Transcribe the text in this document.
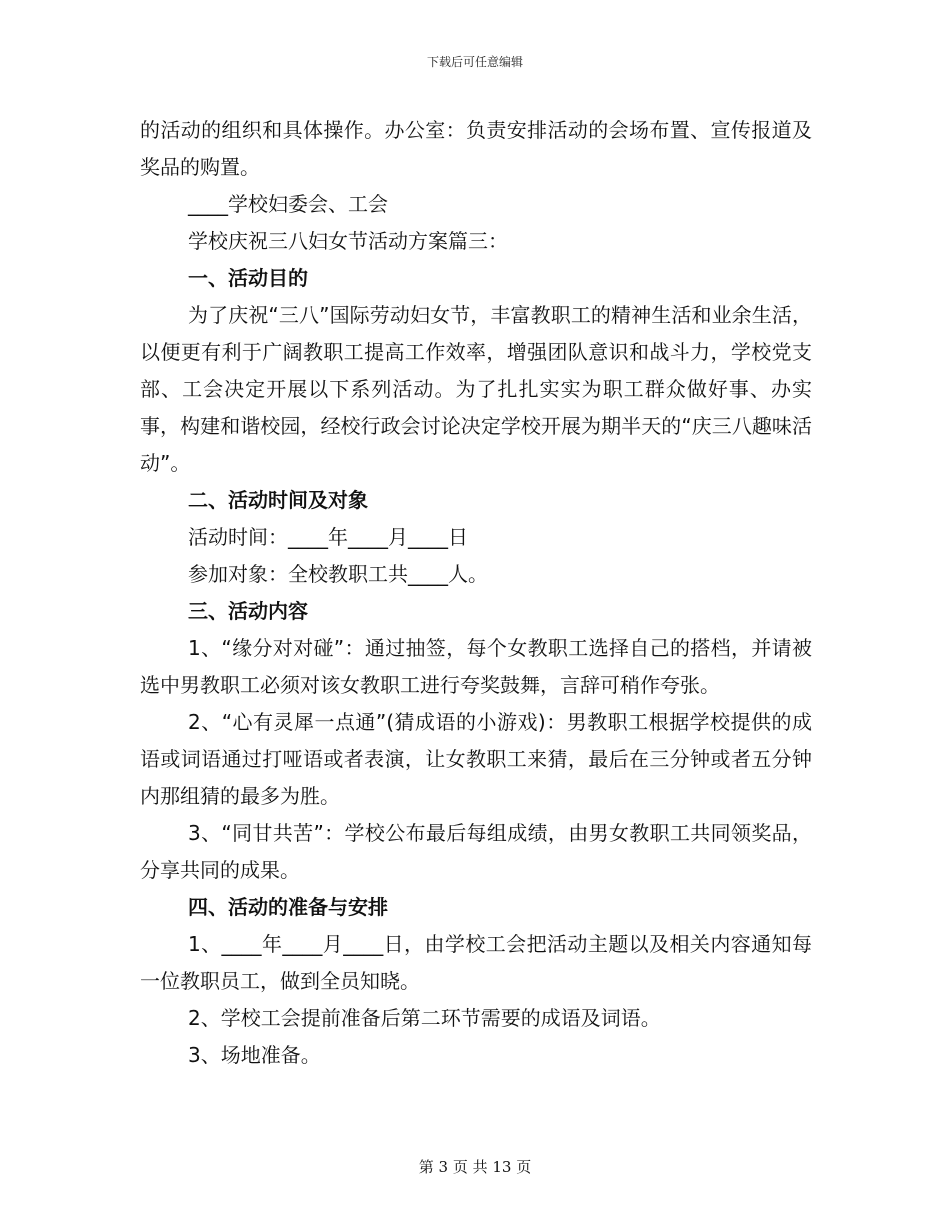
下载后可任意编辑

的活动的组织和具体操作。办公室：负责安排活动的会场布置、宣传报道及奖品的购置。

____学校妇委会、工会

学校庆祝三八妇女节活动方案篇三：

一、活动目的

为了庆祝“三八”国际劳动妇女节，丰富教职工的精神生活和业余生活，以便更有利于广阔教职工提高工作效率，增强团队意识和战斗力，学校党支部、工会决定开展以下系列活动。为了扎扎实实为职工群众做好事、办实事，构建和谐校园，经校行政会讨论决定学校开展为期半天的“庆三八趣味活动”。

二、活动时间及对象

活动时间：____年____月____日

参加对象：全校教职工共____人。

三、活动内容

1、“缘分对对碰”：通过抽签，每个女教职工选择自己的搭档，并请被选中男教职工必须对该女教职工进行夸奖鼓舞，言辞可稍作夸张。

2、“心有灵犀一点通”(猜成语的小游戏)：男教职工根据学校提供的成语或词语通过打哑语或者表演，让女教职工来猜，最后在三分钟或者五分钟内那组猜的最多为胜。

3、“同甘共苦”：学校公布最后每组成绩，由男女教职工共同领奖品，分享共同的成果。

四、活动的准备与安排

1、____年____月____日，由学校工会把活动主题以及相关内容通知每一位教职员工，做到全员知晓。

2、学校工会提前准备后第二环节需要的成语及词语。

3、场地准备。

第 3 页 共 13 页
